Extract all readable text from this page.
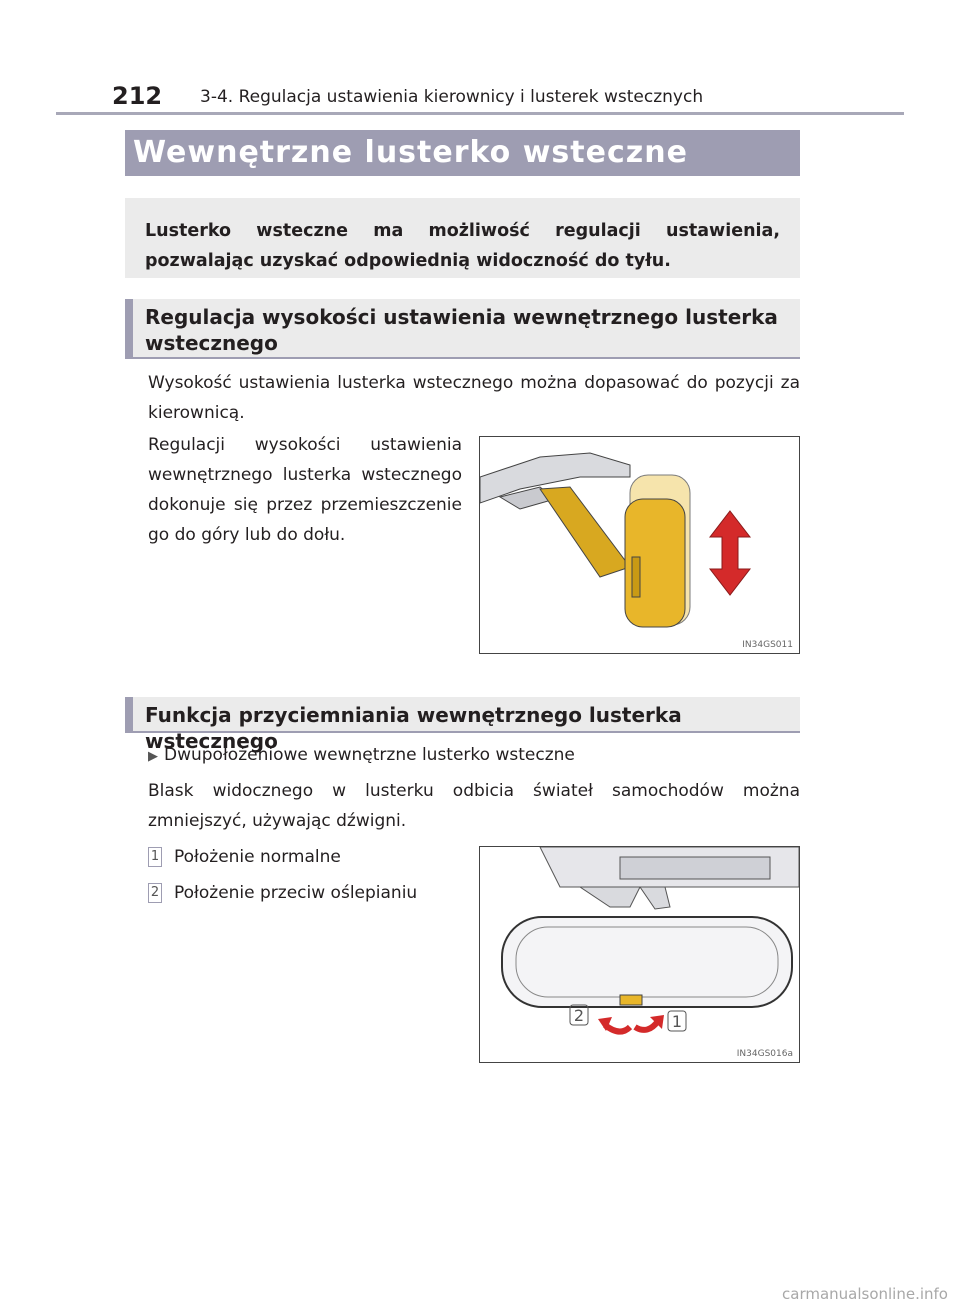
212 3-4. Regulacja ustawienia kierownicy i lusterek wstecznych
Wewnętrzne lusterko wsteczne
Lusterko wsteczne ma możliwość regulacji ustawienia, pozwalając uzyskać odpowiednią widoczność do tyłu.
Regulacja wysokości ustawienia wewnętrznego lusterka wstecznego
Wysokość ustawienia lusterka wstecznego można dopasować do pozycji za kierownicą.
Regulacji wysokości ustawienia wewnętrznego lusterka wstecznego dokonuje się przez przemieszczenie go do góry lub do dołu.
IN34GS011
Funkcja przyciemniania wewnętrznego lusterka wstecznego
▶ Dwupołożeniowe wewnętrzne lusterko wsteczne
Blask widocznego w lusterku odbicia świateł samochodów można zmniejszyć, używając dźwigni.
1 Położenie normalne
2 Położenie przeciw oślepianiu
2	1
IN34GS016a
carmanualsonline.info
